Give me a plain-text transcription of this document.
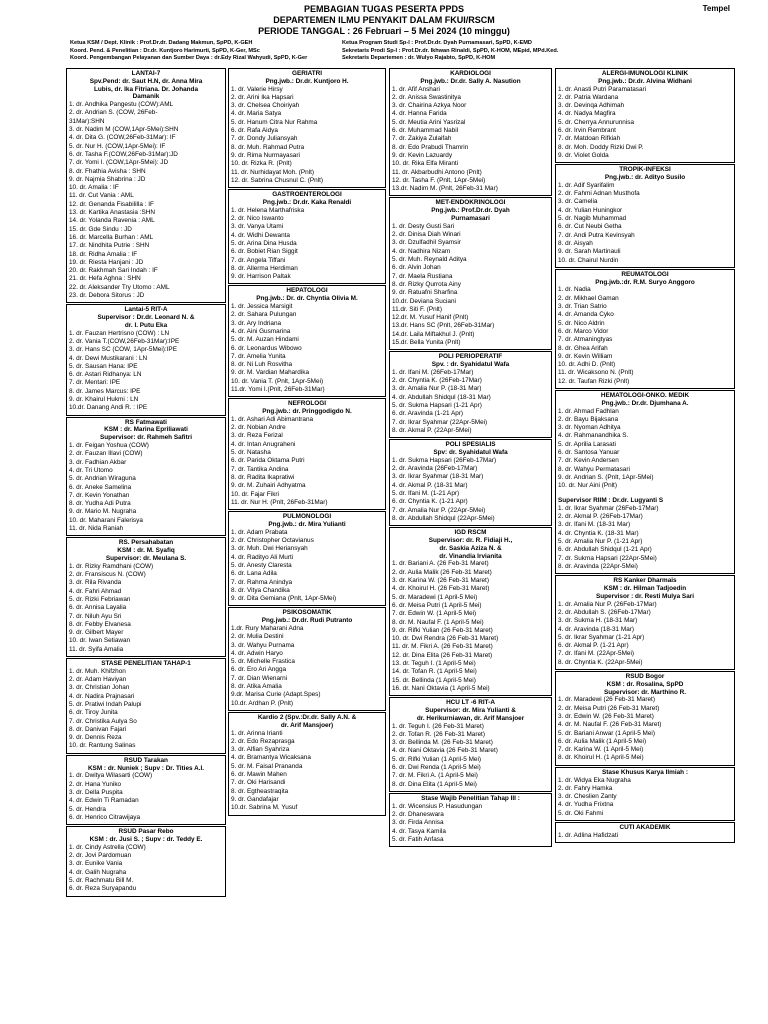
PEMBAGIAN TUGAS PESERTA PPDS
DEPARTEMEN ILMU PENYAKIT DALAM FKUI/RSCM
PERIODE TANGGAL : 26 Februari – 5 Mei 2024 (10 minggu)
Tempel
Ketua KSM / Dept. Klinik : Prof.Dr.dr. Dadang Makmun, SpPD, K-GEH	Ketua Program Studi Sp-I : Prof.Dr.dr. Dyah Purnamasari, SpPD, K-EMD
Koord. Pend. & Penelitian : Dr.dr. Kuntjoro Harimurti, SpPD, K-Ger, MSc	Sekretaris Prodi Sp-I : Prof.Dr.dr. Ikhwan Rinaldi, SpPD, K-HOM, MEpid, MPd.Ked.
Koord. Pengembangan Pelayanan dan Sumber Daya : dr.Edy Rizal Wahyudi, SpPD, K-Ger	Sekretaris Departemen : dr. Wulyo Rajabto, SpPD, K-HOM
LANTAI-7
Spv.Pend: dr. Saut H.N, dr. Anna Mira
Lubis, dr. Ika Fitriana. Dr. Johanda
Damanik
1. dr. Andhika Pangestu (COW):AML
2. dr. Andrian S. (COW, 26Feb-
31Mar):SHN
3. dr. Nadim M (COW,1Apr-5Mei):SHN
4. dr. Dita G. (COW,26Feb-31Mar): IF
5. dr. Nur H. (COW,1Apr-5Mei): IF
6. dr. Tasha F.(COW,26Feb-31Mar):JD
7. dr. Yomi I. (COW,1Apr-5Mei): JD
8. dr. Fhathia Avisha : SHN
9. dr. Najmia Shabrina : JD
10. dr. Amalia : IF
11. dr. Cut Vania : AML
12. dr. Genanda Fisabililla : IF
13. dr. Kartika Anastasia :SHN
14. dr. Yolanda Ravenia : AML
15. dr. Gde Sindu : JD
16. dr. Marcella Burhan : AML
17. dr. Nindhita Putrie : SHN
18. dr. Ridha Amalia : IF
19. dr. Riesta Hanjani : JD
20. dr. Rakhmah Sari Indah : IF
21. dr. Hefa Aghna : SHN
22. dr. Aleksander Try Utomo : AML
23. dr. Debora Sitorus : JD
Lantai-5 RIT-A
Supervisor : Dr.dr. Leonard N. &
dr. I. Putu Eka
1. dr. Fauzan Hertrisno (COW) : LN
2. dr. Vania T.(COW,26Feb-31Mar):IPE
3. dr. Hans SC (COW, 1Apr-5Mei):IPE
4. dr. Dewi Mustikarani : LN
5. dr. Sausan Hana: IPE
6. dr. Astari Ridhanya: LN
7. dr. Mentari: IPE
8. dr. James Marcus: IPE
9. dr. Khairul Hukmi : LN
10.dr. Danang Andi R. : IPE
RS Fatmawati
KSM : dr. Marina Epriliawati
Supervisor: dr. Rahmeh Safitri
1. dr. Feigan Yoshua (COW)
2. dr. Fauzan Illavi (COW)
3. dr. Fadhian Akbar
4. dr. Tri Utomo
5. dr. Andrian Wiraguna
6. dr. Aneke Samelina
7. dr. Kevin Yonathan
8. dr. Yudha Adi Putra
9. dr. Mario M. Nugraha
10. dr. Maharani Falerisya
11. dr. Nida Raniah
RS. Persahabatan
KSM : dr. M. Syafiq
Supervisor: dr. Meulana S.
1. dr. Rizky Ramdhani (COW)
2. dr. Fransiscus N. (COW)
3. dr. Rila Rivanda
4. dr. Fahri Ahmad
5. dr. Rizki Febriawan
6. dr. Annisa Layalia
7. dr. Niluh Ayu Sri
8. dr. Febby Elvanesa
9. dr. Gilbert Mayer
10. dr. Iwan Setiawan
11. dr. Syifa Amalia
STASE PENELITIAN TAHAP-1
1. dr. Muh. Khifzhon
2. dr. Adam Haviyan
3. dr. Christian Johan
4. dr. Nadira Prajnasari
5. dr. Pratiwi Indah Palupi
6. dr. Tiroy Junita
7. dr. Christika Aulya So
8. dr. Danivan Fajari
9. dr. Dennis Reza
10. dr. Rantung Salinas
RSUD Tarakan
KSM : dr. Nuniek ; Supv : Dr. Tities A.I.
1. dr. Dwitya Wilasarti (COW)
2. dr. Hana Yuniko
3. dr. Della Puspita
4. dr. Edwin Ti Ramadan
5. dr. Hendra
6. dr. Henrico Citrawijaya
RSUD Pasar Rebo
KSM : dr. Jusi S. ; Supv : dr. Teddy E.
1. dr. Cindy Astrella (COW)
2. dr. Jovi Pardomuan
3. dr. Eunike Vania
4. dr. Galih Nugraha
5. dr. Rachmatu Bill M.
6. dr. Reza Suryapandu
GERIATRI
Png.jwb.: Dr.dr. Kuntjoro H.
1. dr. Valerie Hirsy
2. dr. Arini Ika Hapsari
3. dr. Chelsea Choiriyah
4. dr. Maria Satya
5. dr. Hanum Citra Nur Rahma
6. dr. Rafa Aidya
7. dr. Dondy Juliansyah
8. dr. Muh. Rahmad Putra
9. dr. Rima Nurmayasari
10. dr. Rizka R. (Pnlt)
11. dr. Nurhidayat Moh. (Pnlt)
12. dr. Sabrina Chusnul C. (Pnlt)
GASTROENTEROLOGI
Png.jwb.: Dr.dr. Kaka Renaldi
1. dr. Helena Marthafriska
2. dr. Nico Iswanto
3. dr. Vanya Utami
4. dr. Widhi Dewanta
5. dr. Arina Dina Husda
6. dr. Bobiet Rian Siggit
7. dr. Angela Tiffani
8. dr. Allerma Herdiman
9. dr. Harrison Paltak
HEPATOLOGI
Png.jwb.: Dr. dr. Chyntia Olivia M.
1. dr. Jessica Marsigit
2. dr. Sahara Pulungan
3. dr. Ary Indriana
4. dr. Aini Gusmarina
5. dr. M. Auzan Hindami
6. dr. Leonardus Wibowo
7. dr. Amelia Yunita
8. dr. Ni Luh Rosvitha
9. dr. M. Vardian Mahardika
10. dr. Vania T. (Pnlt, 1Apr-5Mei)
11.dr. Yomi I.(Pnlt, 26Feb-31Mar)
NEFROLOGI
Png.jwb.: dr. Pringgodigdo N.
1. dr. Ashari Adi Abimantrana
2. dr. Nobian Andre
3. dr. Reza Ferizal
4. dr. Intan Anugraheni
5. dr. Natasha
6. dr. Parida Oktama Putri
7. dr. Tantika Andina
8. dr. Radita Ikapratiwi
9. dr. M. Zuhairi Adhyatma
10. dr. Fajar Fikri
11. dr. Nur H. (Pnlt, 26Feb-31Mar)
PULMONOLOGI
Png.jwb.: dr. Mira Yulianti
1. dr. Adam Prabata
2. dr. Christopher Octavianus
3. dr. Muh. Dwi Heriansyah
4. dr. Radityo Ali Murti
5. dr. Anesty Claresta
6. dr. Lana Adila
7. dr. Rahma Anindya
8. dr. Vitya Chandika
9. dr. Dita Gemiana (Pnlt, 1Apr-5Mei)
PSIKOSOMATIK
Png.jwb.: Dr.dr. Rudi Putranto
1.dr. Rury Maharani Adna
2. dr. Mulia Destini
3. dr. Wahyu Purnama
4. dr. Adwin Haryo
5. dr. Michelle Frastica
6. dr. Ero Ari Angga
7. dr. Dian Wienarni
8. dr. Atika Amalia
9.dr. Marisa Curie (Adapt.Spes)
10.dr. Ardhan P. (Pnlt)
Kardio 2 (Spv.:Dr.dr. Sally A.N. &
dr. Arif Mansjoer)
1. dr. Arinna Irianti
2. dr. Edo Rezaprasga
3. dr. Alfian Syahriza
4. dr. Bramantya Wicaksana
5. dr. M. Faisal Prananda
6. dr. Mawin Mahen
7. dr. Oki Harisandi
8. dr. Egtheastraqita
9. dr. Gandafajar
10.dr. Sabrina M. Yusuf
KARDIOLOGI
Png.jwb.: Dr.dr. Sally A. Nasution
1. dr. Afif Anshari
2. dr. Anissa Swastinitya
3. dr. Chairina Azkya Noor
4. dr. Hanna Farida
5. dr. Meutia Arini Yasrizal
6. dr. Muhammad Nabil
7. dr. Zakiya Zulaifah
8. dr. Edo Prabudi Thamrin
9. dr. Kevin Lazuardy
10. dr. Rika Elfa Miranti
11. dr. Akbarbudhi Antono (Pnlt)
12. dr. Tasha F. (Pnlt, 1Apr-5Mei)
13.dr. Nadim M. (Pnlt, 26Feb-31 Mar)
MET-ENDOKRINOLOGI
Png.jwb.: Prof.Dr.dr. Dyah
Purnamasari
1. dr. Desty Gusti Sari
2. dr. Dinisa Diah Winari
3. dr. Dzulfadhil Syamsir
4. dr. Nadhira Nizam
5. dr. Muh. Reynald Aditya
6. dr. Alvin Johan
7. dr. Maela Rustiana
8. dr. Rizky Qurrota Ainy
9. dr. Ratuafni Sharfina
10.dr. Deviana Suciani
11.dr. Siti F. (Pnlt)
12.dr. M. Yusuf Hanif (Pnlt)
13.dr. Hans SC (Pnlt, 26Feb-31Mar)
14.dr. Laila Miftakhul J. (Pnlt)
15.dr. Bella Yunita (Pnlt)
POLI PERIOPERATIF
Spv. : dr. Syahidatul Wafa
1. dr. Ifani M. (26Feb-17Mar)
2. dr. Chyntia K. (26Feb-17Mar)
3. dr. Amalia Nur P. (18-31 Mar)
4. dr. Abdullah Shidqul (18-31 Mar)
5. dr. Sukma Hapsari (1-21 Apr)
6. dr. Aravinda (1-21 Apr)
7. dr. Ikrar Syahmar (22Apr-5Mei)
8. dr. Akmal P. (22Apr-5Mei)
POLI SPESIALIS
Spv: dr. Syahidatul Wafa
1. dr. Sukma Hapsari (26Feb-17Mar)
2. dr. Aravinda (26Feb-17Mar)
3. dr. Ikrar Syahmar (18-31 Mar)
4. dr. Akmal P. (18-31 Mar)
5. dr. Ifani M. (1-21 Apr)
6. dr. Chyntia K. (1-21 Apr)
7. dr. Amalia Nur P. (22Apr-5Mei)
8. dr. Abdullah Shidqul (22Apr-5Mei)
IGD RSCM
Supervisor: dr. R. Fidiaji H.,
dr. Saskia Aziza N. &
dr. Vinandia Irvianita
1. dr. Bariani A. (26 Feb-31 Maret)
2. dr. Aulia Malik (26 Feb-31 Maret)
3. dr. Karina W. (26 Feb-31 Maret)
4. dr. Khoirul H. (26 Feb-31 Maret)
5. dr. Maradewi (1 April-5 Mei)
6. dr. Meisa Putri (1 April-5 Mei)
7. dr. Edwin W. (1 April-5 Mei)
8. dr. M. Naufal F. (1 April-5 Mei)
9. dr. Rifki Yulian (26 Feb-31 Maret)
10. dr. Dwi Rendra (26 Feb-31 Maret)
11. dr. M. Fikri A. (26 Feb-31 Maret)
12. dr. Dina Elita (26 Feb-31 Maret)
13. dr. Teguh I. (1 April-5 Mei)
14. dr. Tofan R. (1 April-5 Mei)
15. dr. Bellinda (1 April-5 Mei)
16. dr. Nani Oktavia (1 April-5 Mei)
HCU LT -6 RIT-A
Supervisor: dr. Mira Yulianti &
dr. Herikurniawan, dr. Arif Mansjoer
1. dr. Teguh I. (26 Feb-31 Maret)
2. dr. Tofan R. (26 Feb-31 Maret)
3. dr. Bellinda M. (26 Feb-31 Maret)
4. dr. Nani Oktavia (26 Feb-31 Maret)
5. dr. Rifki Yulian (1 April-5 Mei)
6. dr. Dwi Renda (1 April-5 Mei)
7. dr. M. Fikri A. (1 April-5 Mei)
8. dr. Dina Elita (1 April-5 Mei)
Stase Wajib Penelitian Tahap III :
1. dr. Wicensius P. Hasudungan
2. dr. Dhaneswara
3. dr. Firda Annisa
4. dr. Tasya Kamila
5. dr. Fatih Anfasa
ALERGI-IMUNOLOGI KLINIK
Png.jwb.: Dr.dr. Alvina Widhani
1. dr. Anasti Putri Paramatasari
2. dr. Patria Wardana
3. dr. Devinqa Adhimah
4. dr. Nadya Magfira
5. dr. Cherrya Annurunnisa
6. dr. Irvin Rembrant
7. dr. Matdoan Rifkiah
8. dr. Moh. Doddy Rizki Dwi P.
9. dr. Violet Golda
TROPIK-INFEKSI
Png.jwb.: dr. Adityo Susilo
1. dr. Adif Syarifalim
2. dr. Fahmi Adnan Musthofa
3. dr. Camelia
4. dr. Yulian Huningkor
5. dr. Nagib Muhammad
6. dr. Cut Neubi Getha
7. dr. Andi Putra Kevinsyah
8. dr. Aisyah
9. dr. Sarah Martinauli
10. dr. Chairul Nurdin
REUMATOLOGI
Png.jwb.:dr. R.M. Suryo Anggoro
1. dr. Nadia
2. dr. Mikhael Gaman
3. dr. Trian Satrio
4. dr. Amanda Cyko
5. dr. Nico Aldrin
6. dr. Marco Vidor
7. dr. Atmaningtyas
8. dr. Ghea Arifah
9. dr. Kevin William
10. dr. Adhi D. (Pnlt)
11. dr. Wicaksono N. (Pnlt)
12. dr. Taufan Rizki (Pnlt)
HEMATOLOGI-ONKO. MEDIK
Png.jwb.: Dr.dr. Djumhana A.
1. dr. Ahmad Fadhlan
2. dr. Bayu Bijaksana
3. dr. Nyoman Adhitya
4. dr. Rahmanandhika S.
5. dr. Aprilia Larasati
6. dr. Santosa Yanuar
7. dr. Kevin Andersen
8. dr. Wahyu Permatasari
9. dr. Andrian S. (Pnlt, 1Apr-5Mei)
10. dr. Nur Aini (Pnlt)
Supervisor RIIM : Dr.dr. Lugyanti S
1. dr. Ikrar Syahmar (26Feb-17Mar)
2. dr. Akmal P. (26Feb-17Mar)
3. dr. Ifani M. (18-31 Mar)
4. dr. Chyntia K. (18-31 Mar)
5. dr. Amalia Nur P. (1-21 Apr)
6. dr. Abdullah Shidqul (1-21 Apr)
7. dr. Sukma Hapsari (22Apr-5Mei)
8. dr. Aravinda (22Apr-5Mei)
RS Kanker Dharmais
KSM : dr. Hilman Tadjoedin
Supervisor : dr. Resti Mulya Sari
1. dr. Amalia Nur P. (26Feb-17Mar)
2. dr. Abdullah S. (26Feb-17Mar)
3. dr. Sukma H. (18-31 Mar)
4. dr. Aravinda (18-31 Mar)
5. dr. Ikrar Syahmar (1-21 Apr)
6. dr. Akmal P. (1-21 Apr)
7. dr. Ifani M. (22Apr-5Mei)
8. dr. Chyntia K. (22Apr-5Mei)
RSUD Bogor
KSM : dr. Rosalina, SpPD
Supervisor: dr. Marthino R.
1. dr. Maradewi (26 Feb-31 Maret)
2. dr. Meisa Putri (26 Feb-31 Maret)
3. dr. Edwin W. (26 Feb-31 Maret)
4. dr. M. Naufal F. (26 Feb-31 Maret)
5. dr. Bariani Anwar (1 April-5 Mei)
6. dr. Aulia Malik (1 April-5 Mei)
7. dr. Karina W. (1 April-5 Mei)
8. dr. Khoirul H. (1 April-5 Mei)
Stase Khusus Karya Ilmiah :
1. dr. Widya Eka Nugraha
2. dr. Fahry Hamka
3. dr. Cheslien Zanty
4. dr. Yudha Frixtna
5. dr. Oki Fahmi
CUTI AKADEMIK
1. dr. Adlina Hafidzati
